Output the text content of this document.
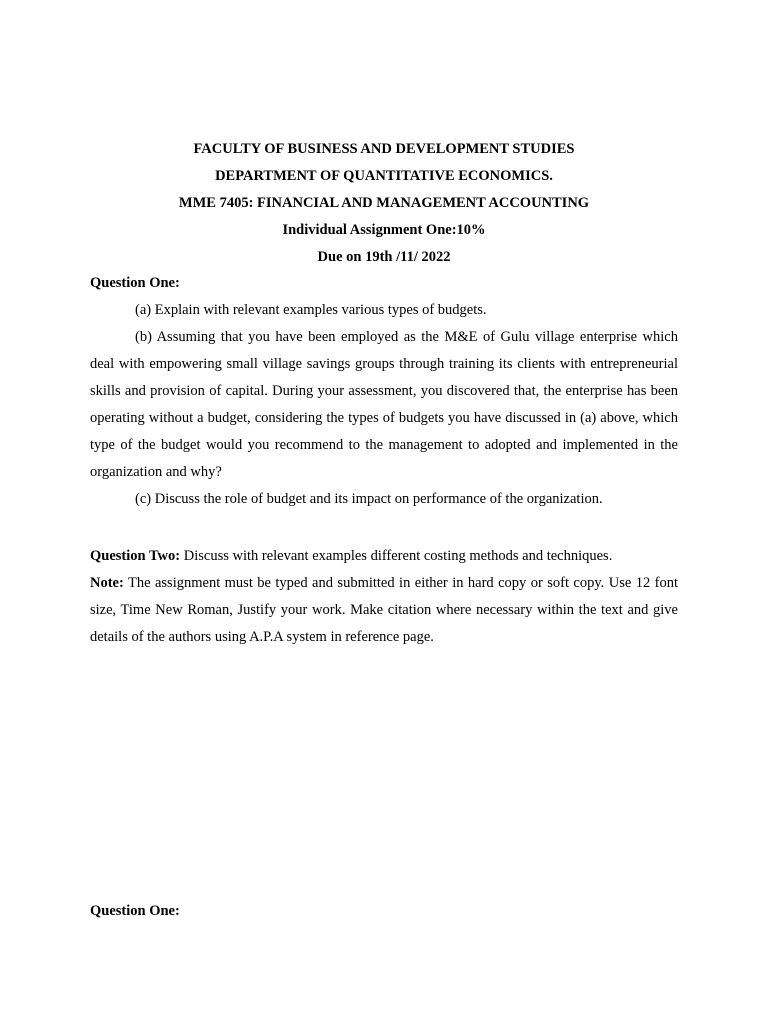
FACULTY OF BUSINESS AND DEVELOPMENT STUDIES
DEPARTMENT OF QUANTITATIVE ECONOMICS.
MME 7405: FINANCIAL AND MANAGEMENT ACCOUNTING
Individual Assignment One:10%
Due on 19th /11/ 2022

Question One:

(a) Explain with relevant examples various types of budgets.

(b) Assuming that you have been employed as the M&E of Gulu village enterprise which deal with empowering small village savings groups through training its clients with entrepreneurial skills and provision of capital. During your assessment, you discovered that, the enterprise has been operating without a budget, considering the types of budgets you have discussed in (a) above, which type of the budget would you recommend to the management to adopted and implemented in the organization and why?

(c) Discuss the role of budget and its impact on performance of the organization.

Question Two: Discuss with relevant examples different costing methods and techniques.

Note: The assignment must be typed and submitted in either in hard copy or soft copy. Use 12 font size, Time New Roman, Justify your work. Make citation where necessary within the text and give details of the authors using A.P.A system in reference page.

Question One:
